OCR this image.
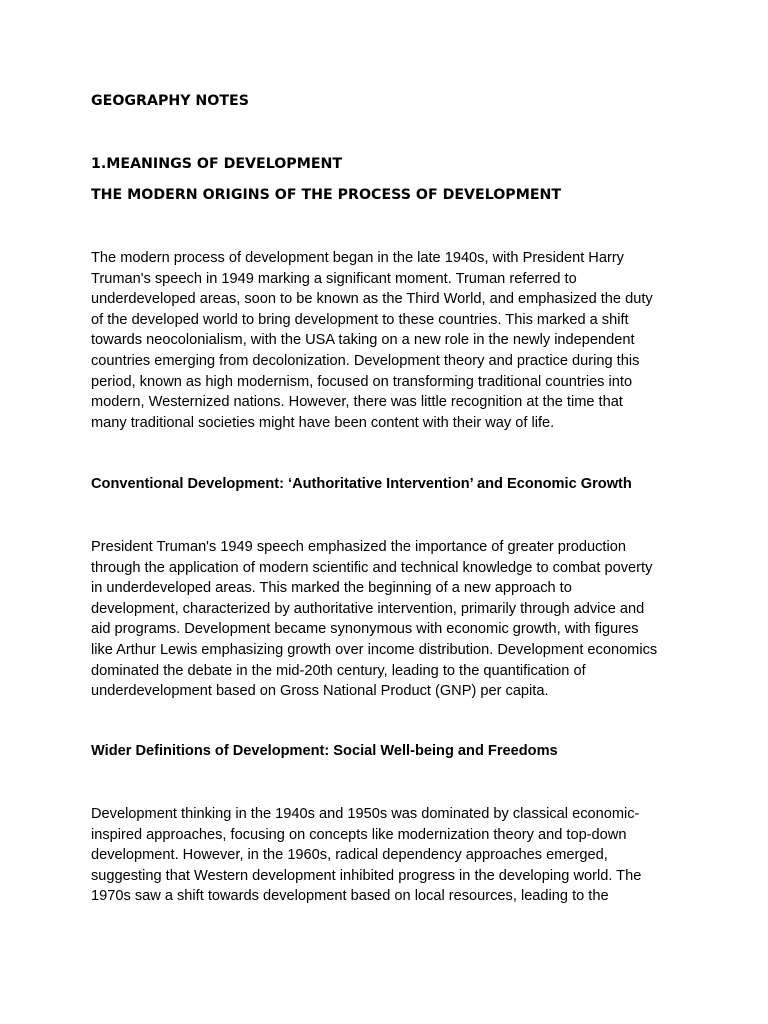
GEOGRAPHY NOTES
1.MEANINGS OF DEVELOPMENT
THE MODERN ORIGINS OF THE PROCESS OF DEVELOPMENT

The modern process of development began in the late 1940s, with President Harry
Truman's speech in 1949 marking a significant moment. Truman referred to
underdeveloped areas, soon to be known as the Third World, and emphasized the duty
of the developed world to bring development to these countries. This marked a shift
towards neocolonialism, with the USA taking on a new role in the newly independent
countries emerging from decolonization. Development theory and practice during this
period, known as high modernism, focused on transforming traditional countries into
modern, Westernized nations. However, there was little recognition at the time that
many traditional societies might have been content with their way of life.

Conventional Development: ‘Authoritative Intervention’ and Economic Growth

President Truman's 1949 speech emphasized the importance of greater production
through the application of modern scientific and technical knowledge to combat poverty
in underdeveloped areas. This marked the beginning of a new approach to
development, characterized by authoritative intervention, primarily through advice and
aid programs. Development became synonymous with economic growth, with figures
like Arthur Lewis emphasizing growth over income distribution. Development economics
dominated the debate in the mid-20th century, leading to the quantification of
underdevelopment based on Gross National Product (GNP) per capita.

Wider Definitions of Development: Social Well-being and Freedoms

Development thinking in the 1940s and 1950s was dominated by classical economic-
inspired approaches, focusing on concepts like modernization theory and top-down
development. However, in the 1960s, radical dependency approaches emerged,
suggesting that Western development inhibited progress in the developing world. The
1970s saw a shift towards development based on local resources, leading to the
